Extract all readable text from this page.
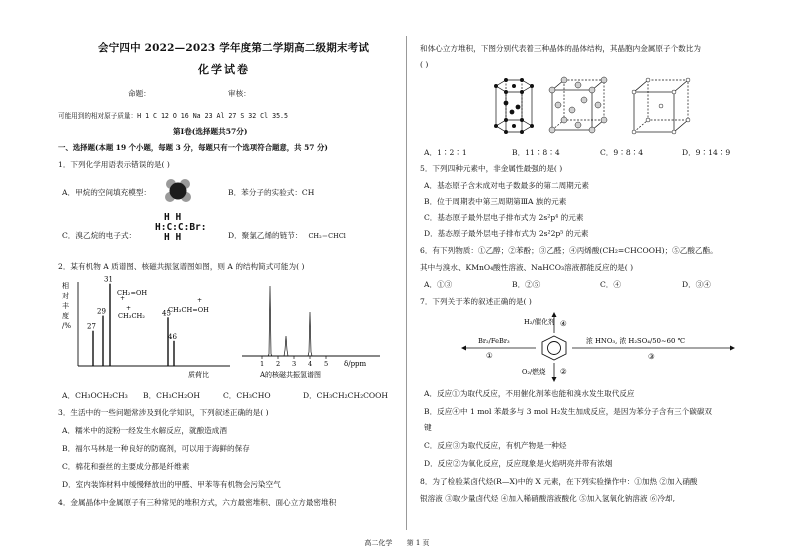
会宁四中 2022—2023 学年度第二学期高二级期末考试
化学试卷
命题：	审核：
可能用到的相对原子质量：H 1 C 12 O 16 Na 23 Al 27 S 32 Cl 35.5
第Ⅰ卷(选择题共57分)
一、选择题(本题 19 个小题，每题 3 分，每题只有一个选项符合题意，共 57 分)
1．下列化学用语表示错误的是( )
A．甲烷的空间填充模型：	B．苯分子的实验式：CH
C．溴乙烷的电子式：
H H
H:C:C:Br:
H H	D．聚氯乙烯的链节： CH₂＝CHCl
2．某有机物 A 质谱图、核磁共振氢谱图如图，则 A 的结构简式可能为( )
相
对
丰
度
/% 27
29
31
45
46
+
CH₂=OH
+
CH₃CH₂
+
CH₃CH=OH
质荷比
1 2 3 4 5 δ/ppm
A的核磁共振氢谱图
A．CH₃OCH₂CH₃ B．CH₃CH₂OH	C．CH₃CHO	D．CH₃CH₂CH₂COOH
3．生活中的一些问题常涉及到化学知识，下列叙述正确的是( )
A．糯米中的淀粉一经发生水解反应，就酿造成酒
B．福尔马林是一种良好的防腐剂，可以用于海鲜的保存
C．棉花和蚕丝的主要成分都是纤维素
D．室内装饰材料中缓慢释放出的甲醛、甲苯等有机物会污染空气
4．金属晶体中金属原子有三种常见的堆积方式，六方最密堆积、面心立方最密堆积
和体心立方堆积，下图分别代表着三种晶体的晶体结构，其晶胞内金属原子个数比为
( )
A．1∶2∶1	B．11∶8∶4	C．9∶8∶4	D．9∶14∶9
5．下列四种元素中，非金属性最强的是( )
A．基态原子含未成对电子数最多的第二周期元素
B．位于周期表中第三周期第ⅢA 族的元素
C．基态原子最外层电子排布式为 2s²p⁴ 的元素
D．基态原子最外层电子排布式为 2s²2p⁵ 的元素
6．有下列物质：①乙醇；②苯酚；③乙醛；④丙烯酸(CH₂=CHCOOH)；⑤乙酸乙酯。
其中与溴水、KMnO₄酸性溶液、NaHCO₃溶液都能反应的是( )
A．①③	B．②⑤	C．④	D．③④
7．下列关于苯的叙述正确的是( )
Br₂/FeBr₃
①
H₂/催化剂 ④
浓 HNO₃, 浓 H₂SO₄/50~60 ℃
③
O₂/燃烧 ②
A．反应①为取代反应，不用催化剂苯也能和溴水发生取代反应
B．反应④中 1 mol 苯最多与 3 mol H₂发生加成反应，是因为苯分子含有三个碳碳双
键
C．反应③为取代反应，有机产物是一种烃
D．反应②为氧化反应，反应现象是火焰明亮并带有浓烟
8．为了检验某卤代烃(R—X)中的 X 元素，在下列实验操作中：①加热 ②加入硝酸
银溶液 ③取少量卤代烃 ④加入稀硝酸溶液酸化 ⑤加入氢氧化钠溶液 ⑥冷却,
高二化学 第 1 页
